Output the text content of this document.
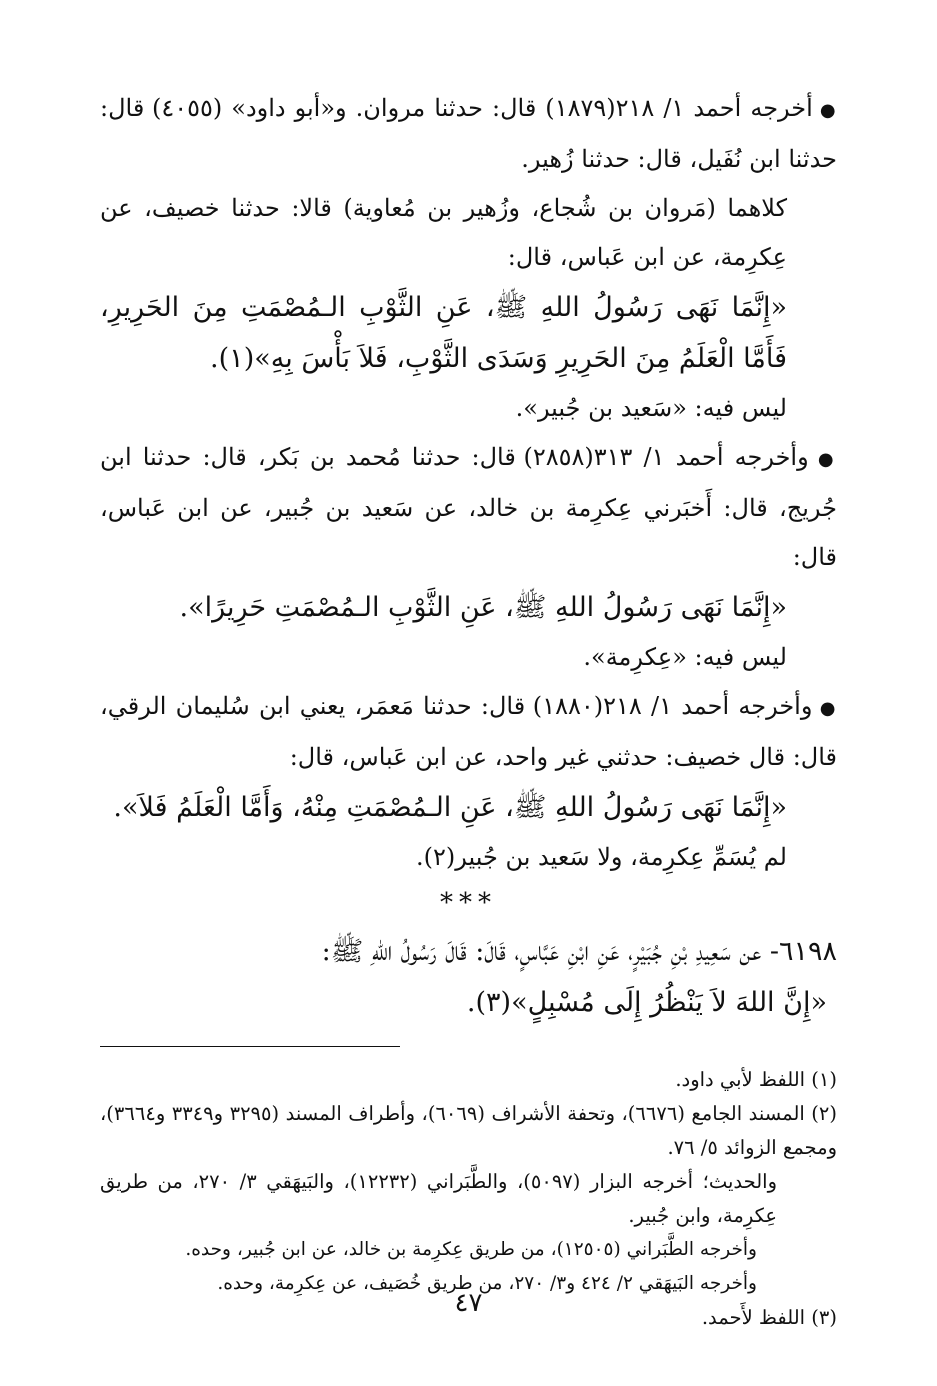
● أخرجه أحمد ١/ ٢١٨(١٨٧٩) قال: حدثنا مروان. و«أبو داود» (٤٠٥٥) قال: حدثنا ابن نُفَيل، قال: حدثنا زُهير.

كلاهما (مَروان بن شُجاع، وزُهير بن مُعاوية) قالا: حدثنا خصيف، عن عِكرِمة، عن ابن عَباس، قال:

«إِنَّمَا نَهَى رَسُولُ اللهِ ﷺ، عَنِ الثَّوْبِ الـمُصْمَتِ مِنَ الحَرِيرِ، فَأَمَّا الْعَلَمُ مِنَ الحَرِيرِ وَسَدَى الثَّوْبِ، فَلاَ بَأْسَ بِهِ»(١).

ليس فيه: «سَعيد بن جُبير».

● وأخرجه أحمد ١/ ٣١٣(٢٨٥٨) قال: حدثنا مُحمد بن بَكر، قال: حدثنا ابن جُريج، قال: أَخبَرني عِكرِمة بن خالد، عن سَعيد بن جُبير، عن ابن عَباس، قال:

«إِنَّمَا نَهَى رَسُولُ اللهِ ﷺ، عَنِ الثَّوْبِ الـمُصْمَتِ حَرِيرًا».

ليس فيه: «عِكرِمة».

● وأخرجه أحمد ١/ ٢١٨(١٨٨٠) قال: حدثنا مَعمَر، يعني ابن سُليمان الرقي، قال: قال خصيف: حدثني غير واحد، عن ابن عَباس، قال:

«إِنَّمَا نَهَى رَسُولُ اللهِ ﷺ، عَنِ الـمُصْمَتِ مِنْهُ، وَأَمَّا الْعَلَمُ فَلاَ».

لم يُسَمِّ عِكرِمة، ولا سَعيد بن جُبير(٢).

***

٦١٩٨- عن سَعِيدِ بْنِ جُبَيْرٍ، عَنِ ابْنِ عَبَّاسٍ، قَالَ: قَالَ رَسُولُ اللهِ ﷺ:

«إِنَّ اللهَ لاَ يَنْظُرُ إِلَى مُسْبِلٍ»(٣).

(١) اللفظ لأبي داود.

(٢) المسند الجامع (٦٦٧٦)، وتحفة الأشراف (٦٠٦٩)، وأطراف المسند (٣٢٩٥ و٣٣٤٩ و٣٦٦٤)، ومجمع الزوائد ٥/ ٧٦.

والحديث؛ أخرجه البزار (٥٠٩٧)، والطَّبَراني (١٢٢٣٢)، والبَيهَقي ٣/ ٢٧٠، من طريق عِكرِمة، وابن جُبير.

وأخرجه الطَّبَراني (١٢٥٠٥)، من طريق عِكرِمة بن خالد، عن ابن جُبير، وحده.

وأخرجه البَيهَقي ٢/ ٤٢٤ و٣/ ٢٧٠، من طريق خُصَيف، عن عِكرِمة، وحده.

(٣) اللفظ لأَحمد.

٤٧
